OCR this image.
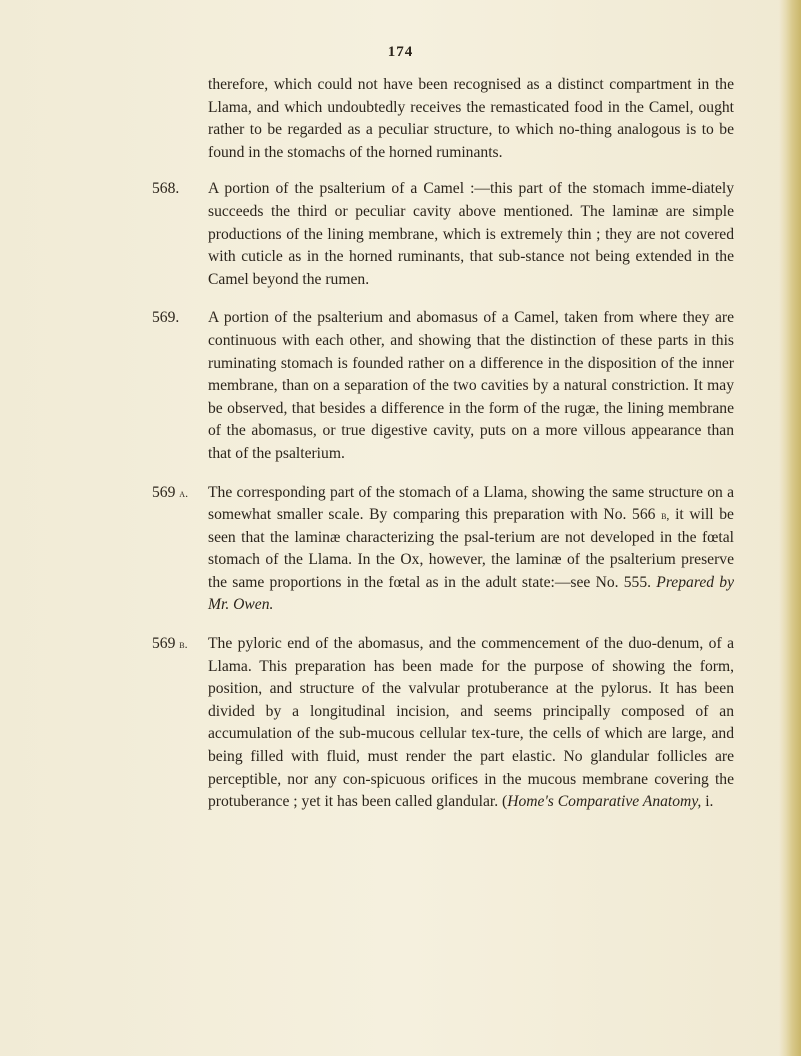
174

therefore, which could not have been recognised as a distinct compartment in the Llama, and which undoubtedly receives the remasticated food in the Camel, ought rather to be regarded as a peculiar structure, to which no-thing analogous is to be found in the stomachs of the horned ruminants.

568. A portion of the psalterium of a Camel :—this part of the stomach imme-diately succeeds the third or peculiar cavity above mentioned. The laminæ are simple productions of the lining membrane, which is extremely thin ; they are not covered with cuticle as in the horned ruminants, that sub-stance not being extended in the Camel beyond the rumen.

569. A portion of the psalterium and abomasus of a Camel, taken from where they are continuous with each other, and showing that the distinction of these parts in this ruminating stomach is founded rather on a difference in the disposition of the inner membrane, than on a separation of the two cavities by a natural constriction. It may be observed, that besides a difference in the form of the rugæ, the lining membrane of the abomasus, or true digestive cavity, puts on a more villous appearance than that of the psalterium.

569 a. The corresponding part of the stomach of a Llama, showing the same structure on a somewhat smaller scale. By comparing this preparation with No. 566 b, it will be seen that the laminæ characterizing the psal-terium are not developed in the fœtal stomach of the Llama. In the Ox, however, the laminæ of the psalterium preserve the same proportions in the fœtal as in the adult state:—see No. 555. Prepared by Mr. Owen.

569 b. The pyloric end of the abomasus, and the commencement of the duo-denum, of a Llama. This preparation has been made for the purpose of showing the form, position, and structure of the valvular protuberance at the pylorus. It has been divided by a longitudinal incision, and seems principally composed of an accumulation of the sub-mucous cellular tex-ture, the cells of which are large, and being filled with fluid, must render the part elastic. No glandular follicles are perceptible, nor any con-spicuous orifices in the mucous membrane covering the protuberance ; yet it has been called glandular. (Home's Comparative Anatomy, i.
